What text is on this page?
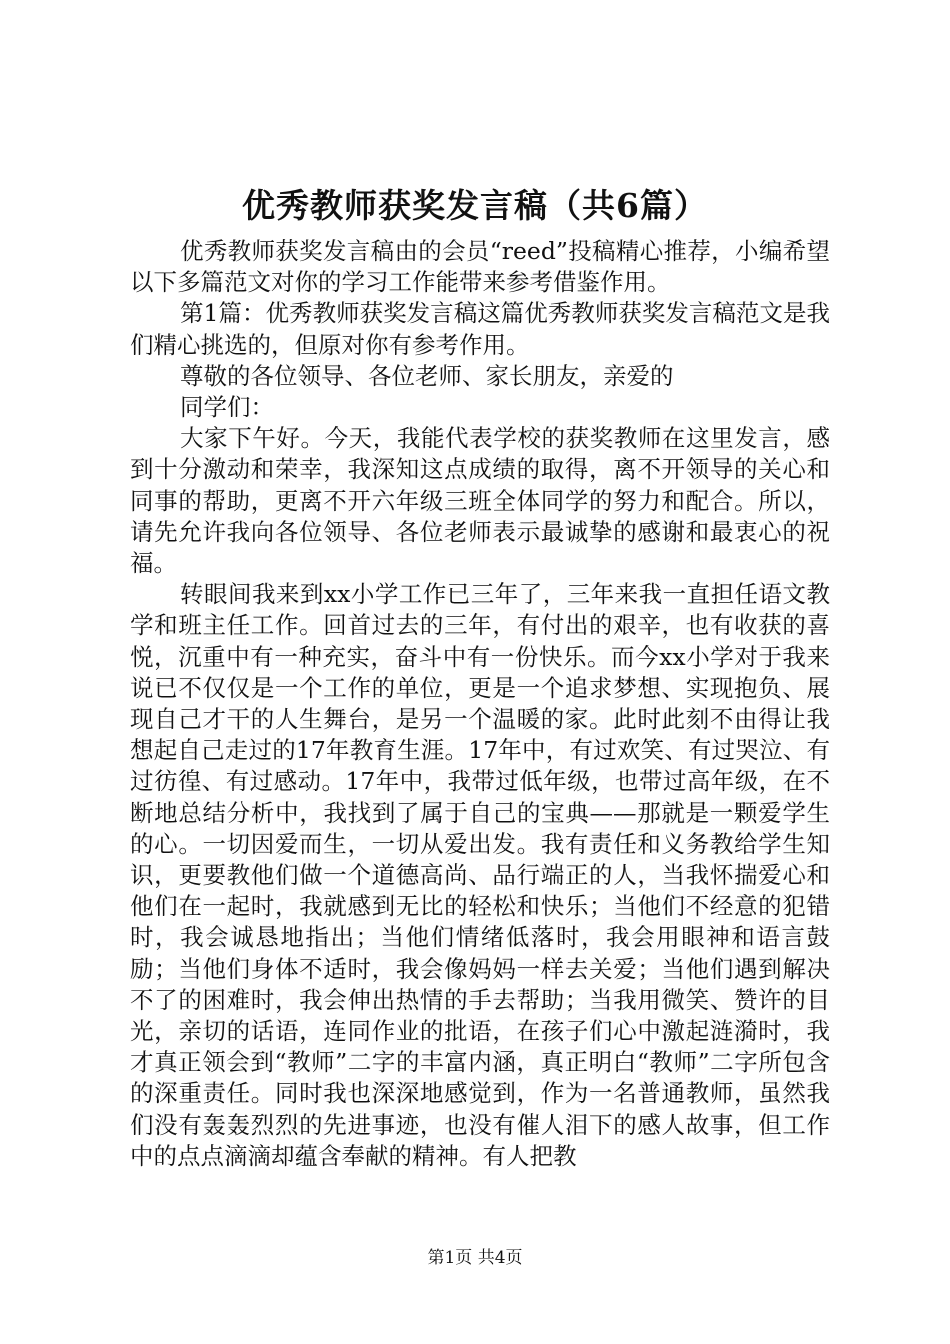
优秀教师获奖发言稿（共6篇）

优秀教师获奖发言稿由的会员“reed”投稿精心推荐，小编希望以下多篇范文对你的学习工作能带来参考借鉴作用。

第1篇：优秀教师获奖发言稿这篇优秀教师获奖发言稿范文是我们精心挑选的，但原对你有参考作用。

尊敬的各位领导、各位老师、家长朋友，亲爱的

同学们：

大家下午好。今天，我能代表学校的获奖教师在这里发言，感到十分激动和荣幸，我深知这点成绩的取得，离不开领导的关心和同事的帮助，更离不开六年级三班全体同学的努力和配合。所以，请先允许我向各位领导、各位老师表示最诚挚的感谢和最衷心的祝福。

转眼间我来到xx小学工作已三年了，三年来我一直担任语文教学和班主任工作。回首过去的三年，有付出的艰辛，也有收获的喜悦，沉重中有一种充实，奋斗中有一份快乐。而今xx小学对于我来说已不仅仅是一个工作的单位，更是一个追求梦想、实现抱负、展现自己才干的人生舞台，是另一个温暖的家。此时此刻不由得让我想起自己走过的17年教育生涯。17年中，有过欢笑、有过哭泣、有过彷徨、有过感动。17年中，我带过低年级，也带过高年级，在不断地总结分析中，我找到了属于自己的宝典——那就是一颗爱学生的心。一切因爱而生，一切从爱出发。我有责任和义务教给学生知识，更要教他们做一个道德高尚、品行端正的人，当我怀揣爱心和他们在一起时，我就感到无比的轻松和快乐；当他们不经意的犯错时，我会诚恳地指出；当他们情绪低落时，我会用眼神和语言鼓励；当他们身体不适时，我会像妈妈一样去关爱；当他们遇到解决不了的困难时，我会伸出热情的手去帮助；当我用微笑、赞许的目光，亲切的话语，连同作业的批语，在孩子们心中激起涟漪时，我才真正领会到“教师”二字的丰富内涵，真正明白“教师”二字所包含的深重责任。同时我也深深地感觉到，作为一名普通教师，虽然我们没有轰轰烈烈的先进事迹，也没有催人泪下的感人故事，但工作中的点点滴滴却蕴含奉献的精神。有人把教

第1页 共4页
